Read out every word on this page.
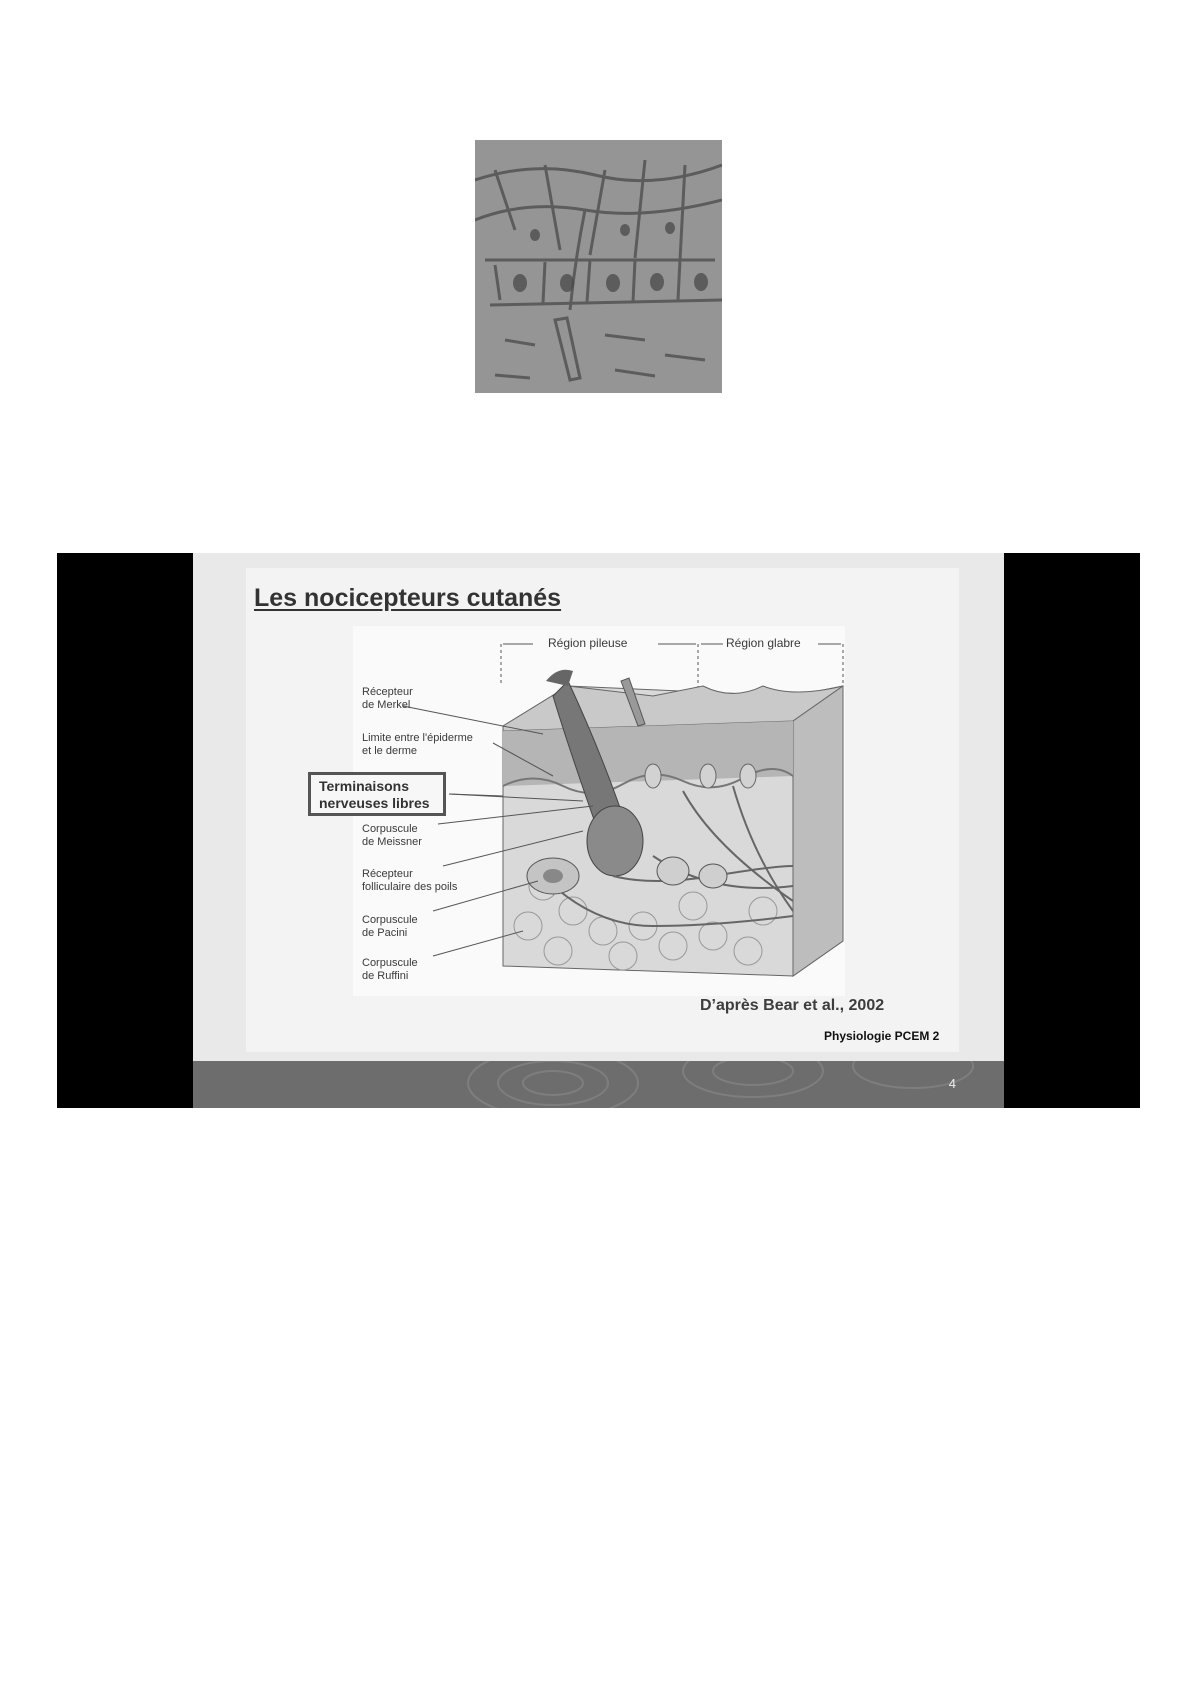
Les nocicepteurs cutanés
Région pileuse	Région glabre
Récepteur
de Merkel
Limite entre l'épiderme
et le derme
Terminaisons
nerveuses libres
Corpuscule
de Meissner
Récepteur
folliculaire des poils
Corpuscule
de Pacini
Corpuscule
de Ruffini
D’après Bear et al., 2002
Physiologie PCEM 2
4
